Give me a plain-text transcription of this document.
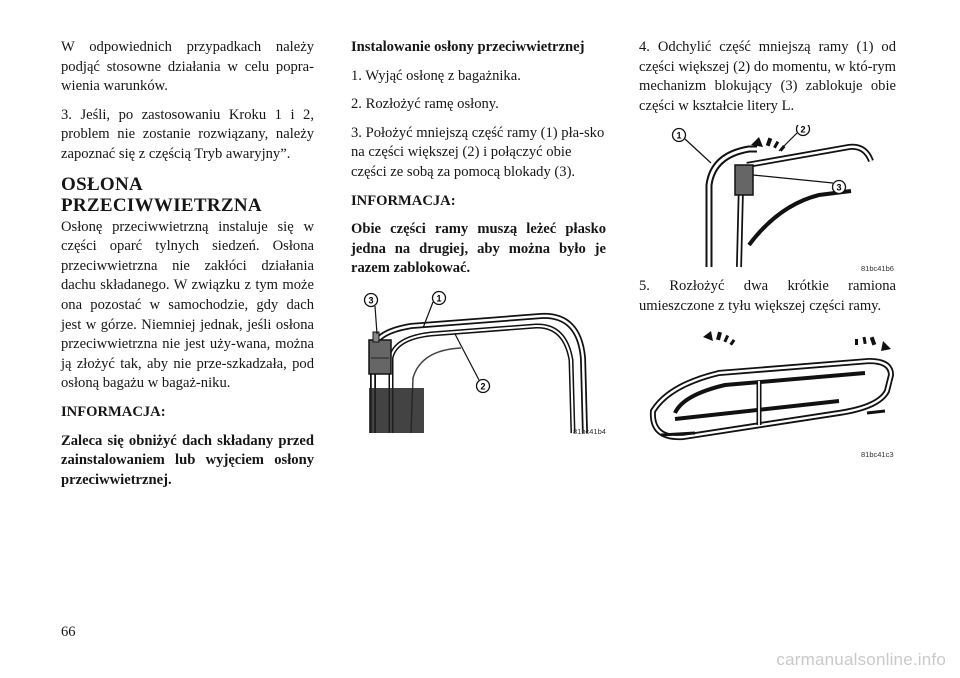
W odpowiednich przypadkach należy podjąć stosowne działania w celu popra-wienia warunków.

3. Jeśli, po zastosowaniu Kroku 1 i 2, problem nie zostanie rozwiązany, należy zapoznać się z częścią Tryb awaryjny”.

OSŁONA
PRZECIWWIETRZNA

Osłonę przeciwwietrzną instaluje się w części oparć tylnych siedzeń. Osłona przeciwwietrzna nie zakłóci działania dachu składanego. W związku z tym może ona pozostać w samochodzie, gdy dach jest w górze. Niemniej jednak, jeśli osłona przeciwwietrzna nie jest uży-wana, można ją złożyć tak, aby nie prze-szkadzała, pod osłoną bagażu w bagaż-niku.

INFORMACJA:

Zaleca się obniżyć dach składany przed zainstalowaniem lub wyjęciem osłony przeciwwietrznej.

Instalowanie osłony przeciwwietrznej

1. Wyjąć osłonę z bagażnika.

2. Rozłożyć ramę osłony.

3. Położyć mniejszą część ramy (1) pła-sko na części większej (2) i połączyć obie części ze sobą za pomocą blokady (3).

INFORMACJA:

Obie części ramy muszą leżeć płasko jedna na drugiej, aby można było je razem zablokować.

3	1
2
81bc41b4

4. Odchylić część mniejszą ramy (1) od części większej (2) do momentu, w któ-rym mechanizm blokujący (3) zablokuje obie części w kształcie litery L.

1
2
3
81bc41b6

5. Rozłożyć dwa krótkie ramiona umieszczone z tyłu większej części ramy.

81bc41c3
66
carmanualsonline.info
